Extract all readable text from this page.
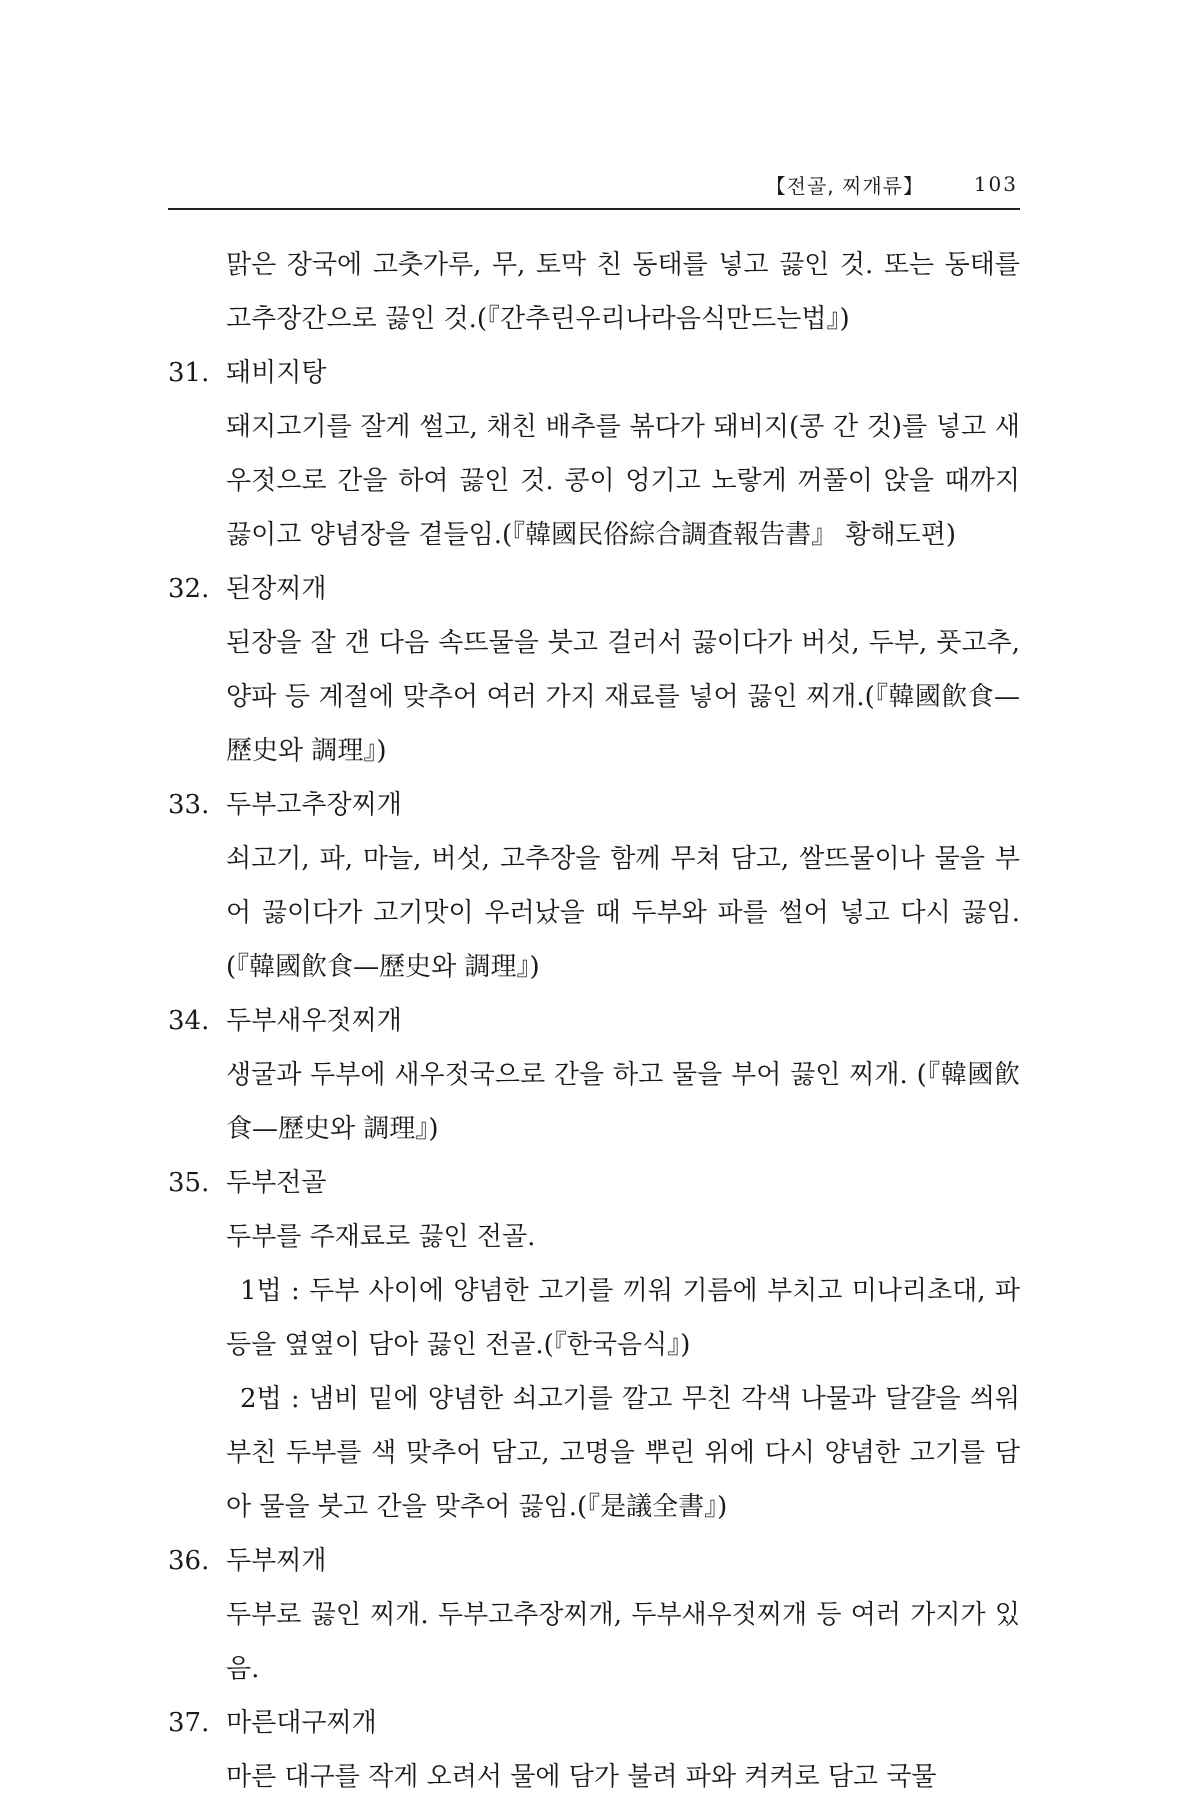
【전골, 찌개류】 103

맑은 장국에 고춧가루, 무, 토막 친 동태를 넣고 끓인 것. 또는 동태를 고추장간으로 끓인 것.(『간추린우리나라음식만드는법』)

31. 돼비지탕

돼지고기를 잘게 썰고, 채친 배추를 볶다가 돼비지(콩 간 것)를 넣고 새우젓으로 간을 하여 끓인 것. 콩이 엉기고 노랗게 꺼풀이 앉을 때까지 끓이고 양념장을 곁들임.(『韓國民俗綜合調査報告書』 황해도편)

32. 된장찌개

된장을 잘 갠 다음 속뜨물을 붓고 걸러서 끓이다가 버섯, 두부, 풋고추, 양파 등 계절에 맞추어 여러 가지 재료를 넣어 끓인 찌개.(『韓國飮食—歷史와 調理』)

33. 두부고추장찌개

쇠고기, 파, 마늘, 버섯, 고추장을 함께 무쳐 담고, 쌀뜨물이나 물을 부어 끓이다가 고기맛이 우러났을 때 두부와 파를 썰어 넣고 다시 끓임.(『韓國飮食—歷史와 調理』)

34. 두부새우젓찌개

생굴과 두부에 새우젓국으로 간을 하고 물을 부어 끓인 찌개. (『韓國飮食—歷史와 調理』)

35. 두부전골

두부를 주재료로 끓인 전골.

1법 : 두부 사이에 양념한 고기를 끼워 기름에 부치고 미나리초대, 파 등을 옆옆이 담아 끓인 전골.(『한국음식』)

2법 : 냄비 밑에 양념한 쇠고기를 깔고 무친 각색 나물과 달걀을 씌워 부친 두부를 색 맞추어 담고, 고명을 뿌린 위에 다시 양념한 고기를 담아 물을 붓고 간을 맞추어 끓임.(『是議全書』)

36. 두부찌개

두부로 끓인 찌개. 두부고추장찌개, 두부새우젓찌개 등 여러 가지가 있음.

37. 마른대구찌개

마른 대구를 작게 오려서 물에 담가 불려 파와 켜켜로 담고 국물
